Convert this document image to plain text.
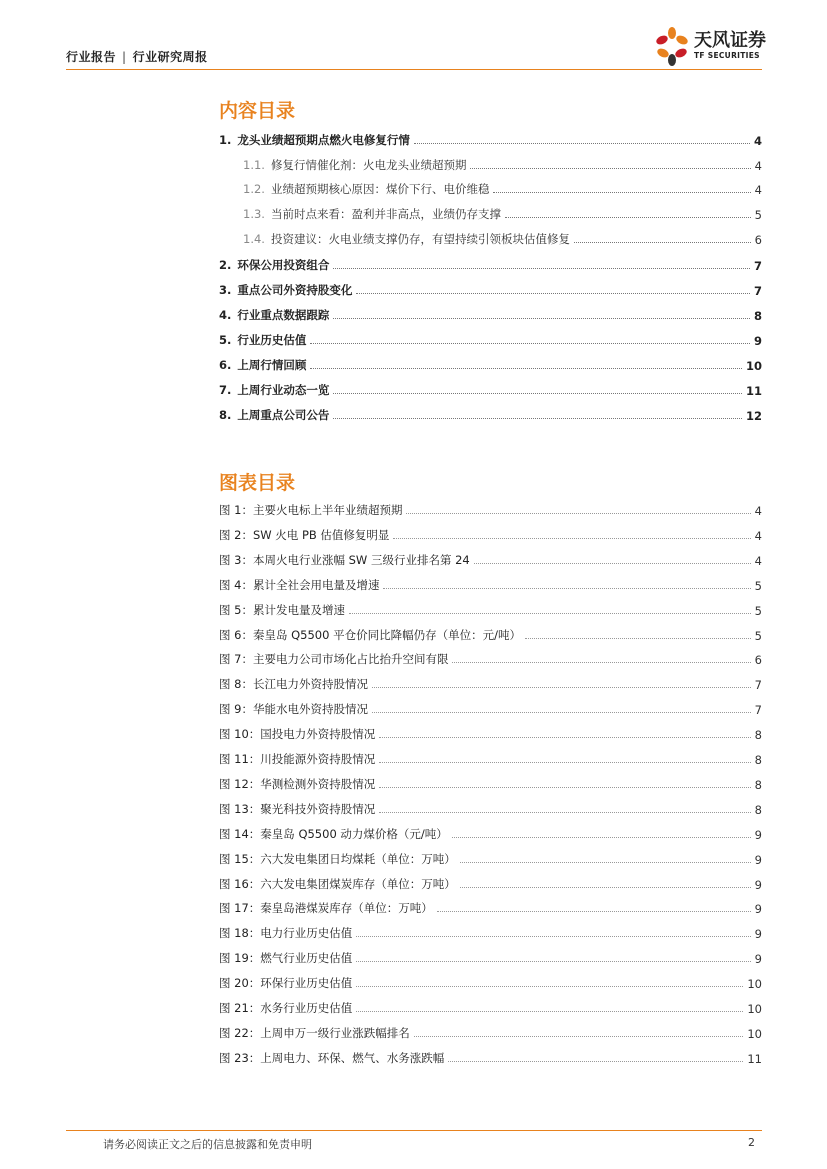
行业报告 | 行业研究周报
天风证券
TF SECURITIES
内容目录
1. 龙头业绩超预期点燃火电修复行情	4
1.1. 修复行情催化剂：火电龙头业绩超预期	4
1.2. 业绩超预期核心原因：煤价下行、电价维稳	4
1.3. 当前时点来看：盈利并非高点，业绩仍存支撑	5
1.4. 投资建议：火电业绩支撑仍存，有望持续引领板块估值修复	6
2. 环保公用投资组合	7
3. 重点公司外资持股变化	7
4. 行业重点数据跟踪	8
5. 行业历史估值	9
6. 上周行情回顾	10
7. 上周行业动态一览	11
8. 上周重点公司公告	12
图表目录
图 1：主要火电标上半年业绩超预期	4
图 2：SW 火电 PB 估值修复明显	4
图 3：本周火电行业涨幅 SW 三级行业排名第 24	4
图 4：累计全社会用电量及增速	5
图 5：累计发电量及增速	5
图 6：秦皇岛 Q5500 平仓价同比降幅仍存（单位：元/吨）	5
图 7：主要电力公司市场化占比抬升空间有限	6
图 8：长江电力外资持股情况	7
图 9：华能水电外资持股情况	7
图 10：国投电力外资持股情况	8
图 11：川投能源外资持股情况	8
图 12：华测检测外资持股情况	8
图 13：聚光科技外资持股情况	8
图 14：秦皇岛 Q5500 动力煤价格（元/吨）	9
图 15：六大发电集团日均煤耗（单位：万吨）	9
图 16：六大发电集团煤炭库存（单位：万吨）	9
图 17：秦皇岛港煤炭库存（单位：万吨）	9
图 18：电力行业历史估值	9
图 19：燃气行业历史估值	9
图 20：环保行业历史估值	10
图 21：水务行业历史估值	10
图 22：上周申万一级行业涨跌幅排名	10
图 23：上周电力、环保、燃气、水务涨跌幅	11
请务必阅读正文之后的信息披露和免责申明	2
